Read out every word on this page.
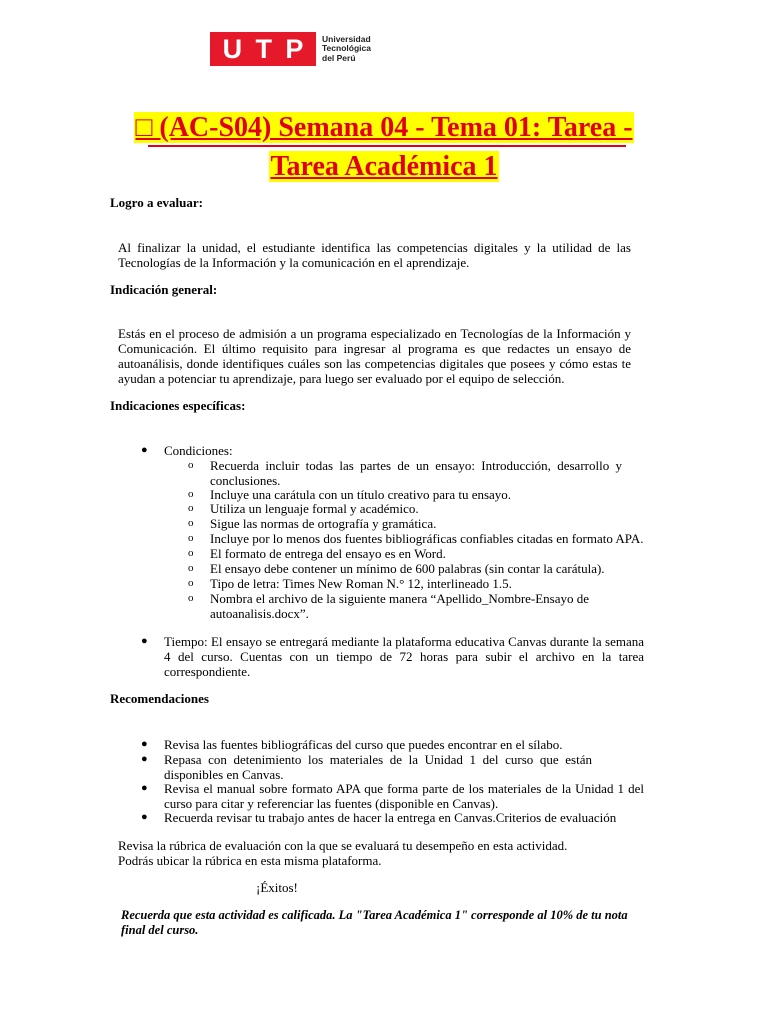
U T P Universidad
Tecnológica
del Perú
□ (AC-S04) Semana 04 - Tema 01: Tarea -
Tarea Académica 1
Logro a evaluar:
Al finalizar la unidad, el estudiante identifica las competencias digitales y la utilidad de las Tecnologías de la Información y la comunicación en el aprendizaje.
Indicación general:
Estás en el proceso de admisión a un programa especializado en Tecnologías de la Información y Comunicación. El último requisito para ingresar al programa es que redactes un ensayo de autoanálisis, donde identifiques cuáles son las competencias digitales que posees y cómo estas te ayudan a potenciar tu aprendizaje, para luego ser evaluado por el equipo de selección.
Indicaciones específicas:
● Condiciones:
o Recuerda incluir todas las partes de un ensayo: Introducción, desarrollo y conclusiones.
o Incluye una carátula con un título creativo para tu ensayo.
o Utiliza un lenguaje formal y académico.
o Sigue las normas de ortografía y gramática.
o Incluye por lo menos dos fuentes bibliográficas confiables citadas en formato APA.
o El formato de entrega del ensayo es en Word.
o El ensayo debe contener un mínimo de 600 palabras (sin contar la carátula).
o Tipo de letra: Times New Roman N.° 12, interlineado 1.5.
o Nombra el archivo de la siguiente manera “Apellido_Nombre-Ensayo de autoanalisis.docx”.
● Tiempo: El ensayo se entregará mediante la plataforma educativa Canvas durante la semana 4 del curso. Cuentas con un tiempo de 72 horas para subir el archivo en la tarea correspondiente.
Recomendaciones
● Revisa las fuentes bibliográficas del curso que puedes encontrar en el sílabo.
● Repasa con detenimiento los materiales de la Unidad 1 del curso que están disponibles en Canvas.
● Revisa el manual sobre formato APA que forma parte de los materiales de la Unidad 1 del curso para citar y referenciar las fuentes (disponible en Canvas).
● Recuerda revisar tu trabajo antes de hacer la entrega en Canvas.Criterios de evaluación
Revisa la rúbrica de evaluación con la que se evaluará tu desempeño en esta actividad.
Podrás ubicar la rúbrica en esta misma plataforma.
¡Éxitos!
Recuerda que esta actividad es calificada. La "Tarea Académica 1" corresponde al 10% de tu nota final del curso.
